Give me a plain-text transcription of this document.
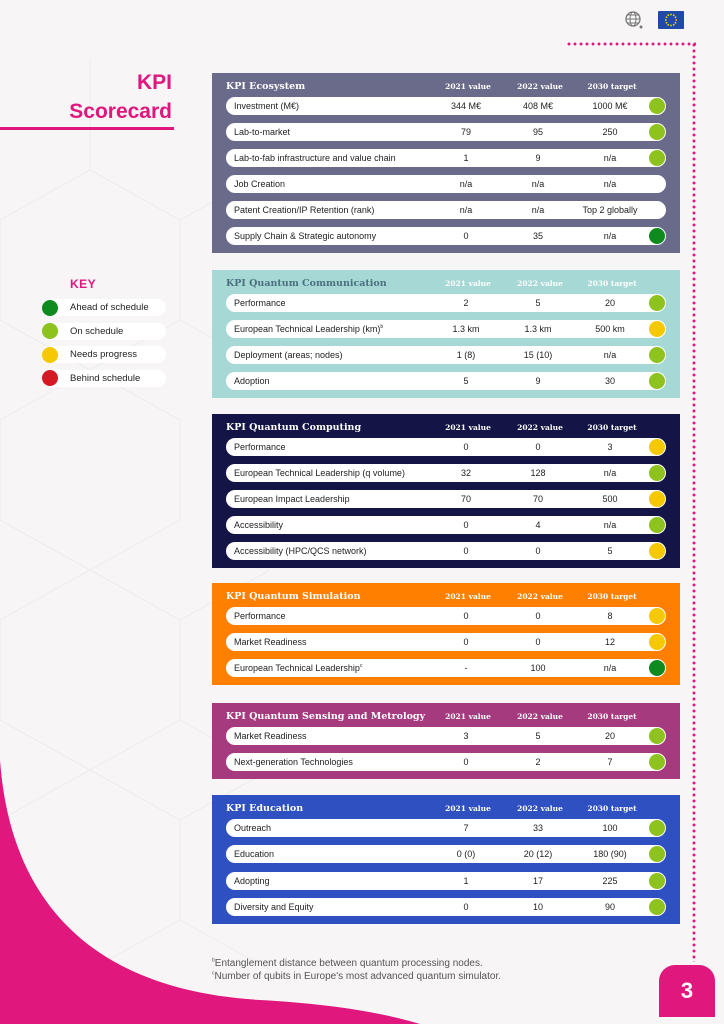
KPI
Scorecard
KEY
Ahead of schedule
On schedule
Needs progress
Behind schedule
KPI Ecosystem	2021 value	2022 value	2030 target
Investment (M€)	344 M€	408 M€	1000 M€
Lab-to-market	79	95	250
Lab-to-fab infrastructure and value chain	1	9	n/a
Job Creation	n/a	n/a	n/a
Patent Creation/IP Retention (rank)	n/a	n/a	Top 2 globally
Supply Chain & Strategic autonomy	0	35	n/a
KPI Quantum Communication	2021 value	2022 value	2030 target
Performance	2	5	20
European Technical Leadership (km)$^b$	1.3 km	1.3 km	500 km
Deployment (areas; nodes)	1 (8)	15 (10)	n/a
Adoption	5	9	30
KPI Quantum Computing	2021 value	2022 value	2030 target
Performance	0	0	3
European Technical Leadership (q volume)	32	128	n/a
European Impact Leadership	70	70	500
Accessibility	0	4	n/a
Accessibility (HPC/QCS network)	0	0	5
KPI Quantum Simulation	2021 value	2022 value	2030 target
Performance	0	0	8
Market Readiness	0	0	12
European Technical Leadership$^c$	-	100	n/a
KPI Quantum Sensing and Metrology	2021 value	2022 value	2030 target
Market Readiness	3	5	20
Next-generation Technologies	0	2	7
KPI Education	2021 value	2022 value	2030 target
Outreach	7	33	100
Education	0 (0)	20 (12)	180 (90)
Adopting	1	17	225
Diversity and Equity	0	10	90
$^b$Entanglement distance between quantum processing nodes.
$^c$Number of qubits in Europe's most advanced quantum simulator.
3
